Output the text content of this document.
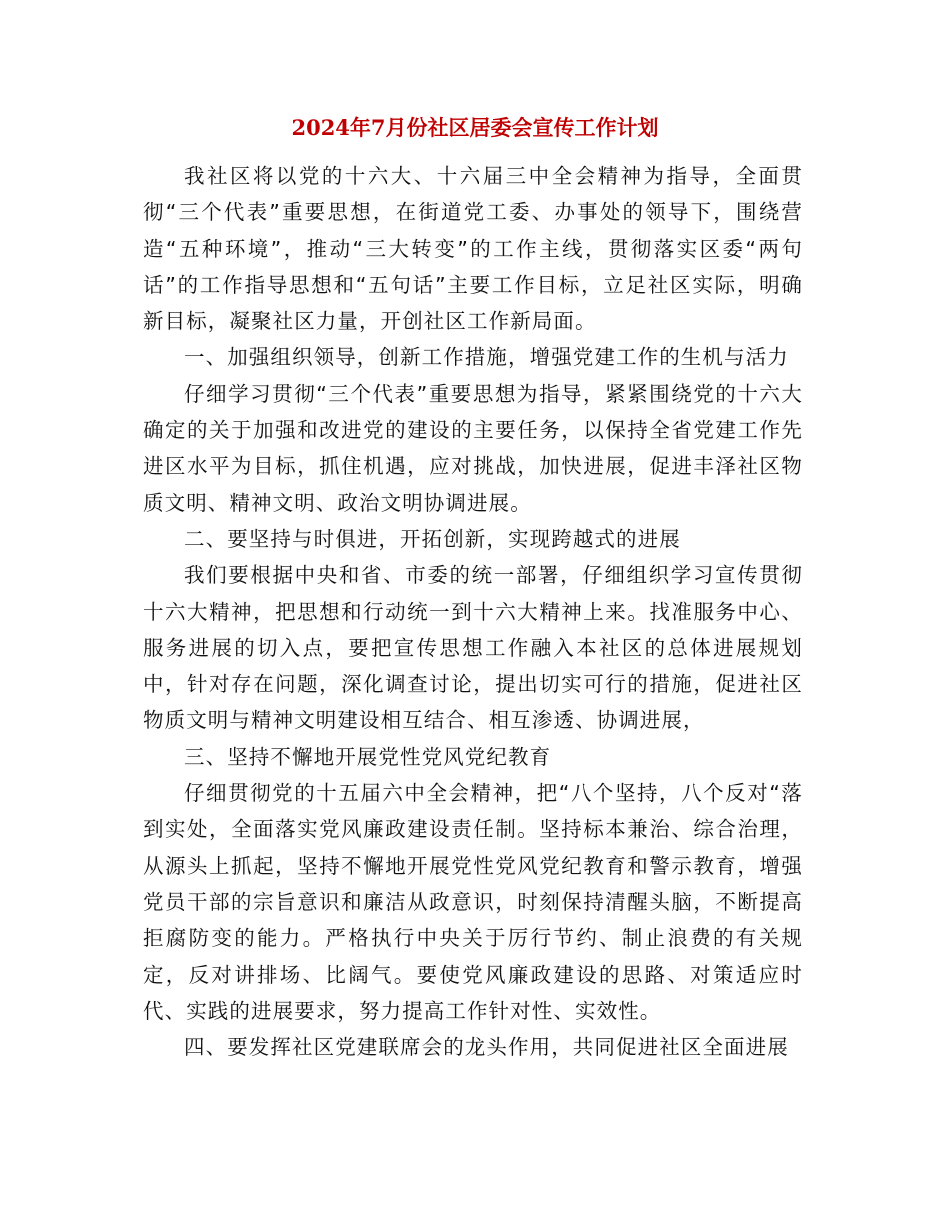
2024年7月份社区居委会宣传工作计划

我社区将以党的十六大、十六届三中全会精神为指导，全面贯彻“三个代表”重要思想，在街道党工委、办事处的领导下，围绕营造“五种环境”，推动“三大转变”的工作主线，贯彻落实区委“两句话”的工作指导思想和“五句话”主要工作目标，立足社区实际，明确新目标，凝聚社区力量，开创社区工作新局面。

一、加强组织领导，创新工作措施，增强党建工作的生机与活力

仔细学习贯彻“三个代表”重要思想为指导，紧紧围绕党的十六大确定的关于加强和改进党的建设的主要任务，以保持全省党建工作先进区水平为目标，抓住机遇，应对挑战，加快进展，促进丰泽社区物质文明、精神文明、政治文明协调进展。

二、要坚持与时俱进，开拓创新，实现跨越式的进展

我们要根据中央和省、市委的统一部署，仔细组织学习宣传贯彻十六大精神，把思想和行动统一到十六大精神上来。找准服务中心、服务进展的切入点，要把宣传思想工作融入本社区的总体进展规划中，针对存在问题，深化调查讨论，提出切实可行的措施，促进社区物质文明与精神文明建设相互结合、相互渗透、协调进展，

三、坚持不懈地开展党性党风党纪教育

仔细贯彻党的十五届六中全会精神，把“八个坚持，八个反对“落到实处，全面落实党风廉政建设责任制。坚持标本兼治、综合治理，从源头上抓起，坚持不懈地开展党性党风党纪教育和警示教育，增强党员干部的宗旨意识和廉洁从政意识，时刻保持清醒头脑，不断提高拒腐防变的能力。严格执行中央关于厉行节约、制止浪费的有关规定，反对讲排场、比阔气。要使党风廉政建设的思路、对策适应时代、实践的进展要求，努力提高工作针对性、实效性。

四、要发挥社区党建联席会的龙头作用，共同促进社区全面进展
